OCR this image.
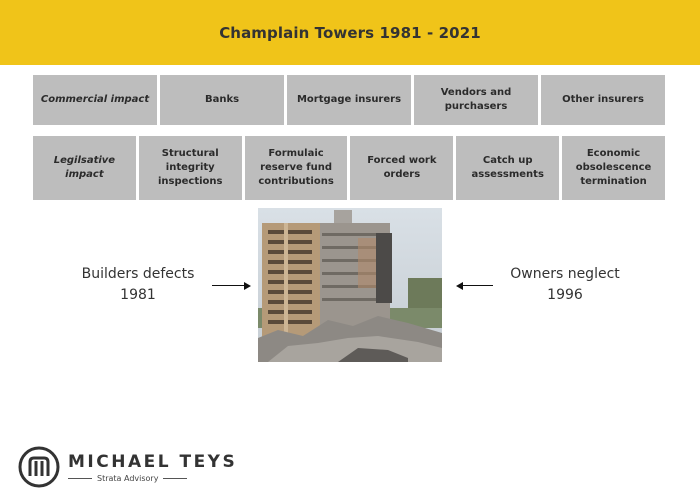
Champlain Towers 1981 - 2021
Commercial impact	Banks	Mortgage insurers
Vendors and purchasers
Other insurers
Legilsative impact
Structural integrity inspections
Formulaic reserve fund contributions
Forced work orders
Catch up assessments
Economic obsolescence termination
Builders defects
1981
Owners neglect
1996
MICHAEL TEYS
Strata Advisory
